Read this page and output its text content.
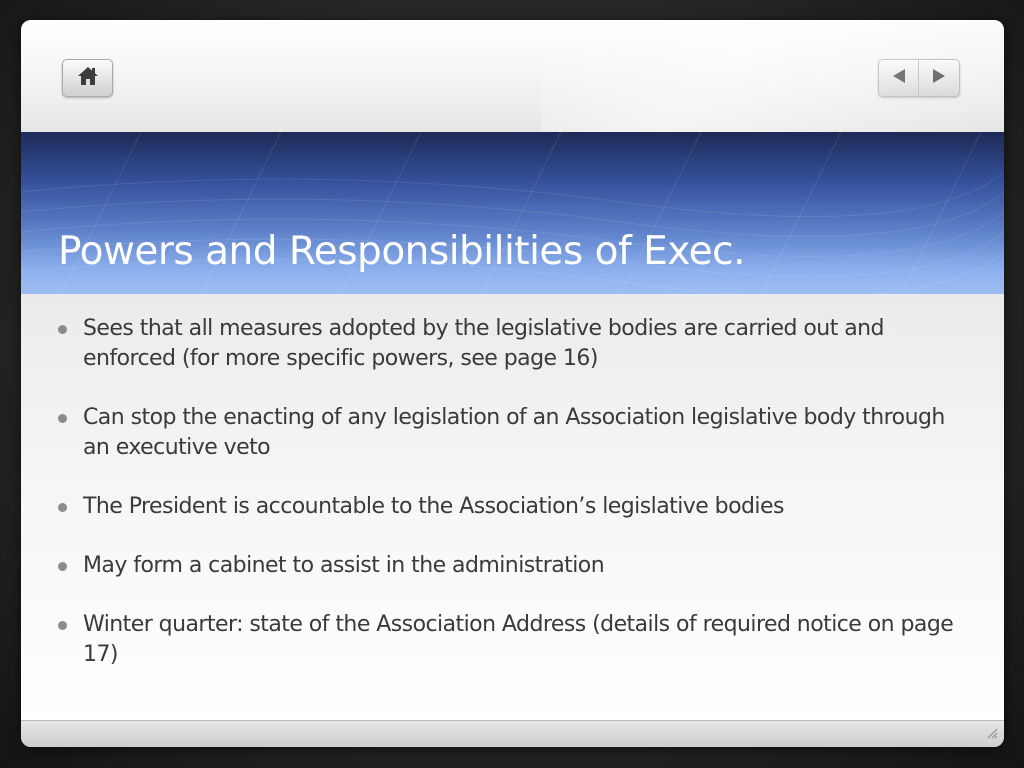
Powers and Responsibilities of Exec.
Sees that all measures adopted by the legislative bodies are carried out and enforced (for more specific powers, see page 16)
Can stop the enacting of any legislation of an Association legislative body through an executive veto
The President is accountable to the Association’s legislative bodies
May form a cabinet to assist in the administration
Winter quarter: state of the Association Address (details of required notice on page 17)
